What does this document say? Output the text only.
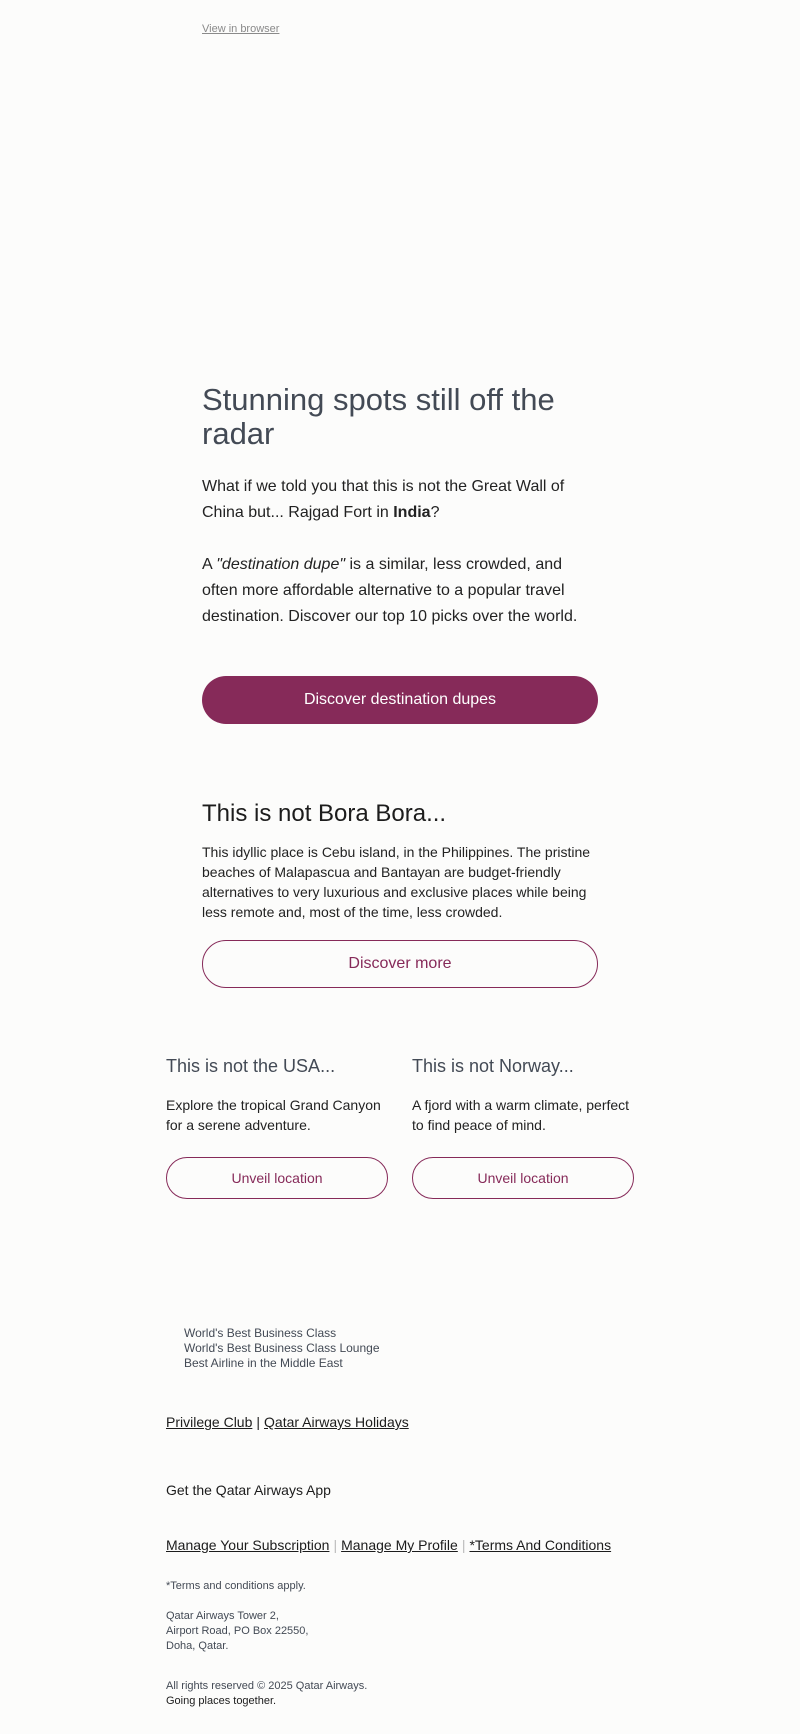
View in browser
Stunning spots still off the radar

What if we told you that this is not the Great Wall of China but... Rajgad Fort in India?

A "destination dupe" is a similar, less crowded, and often more affordable alternative to a popular travel destination. Discover our top 10 picks over the world.

Discover destination dupes
This is not Bora Bora...

This idyllic place is Cebu island, in the Philippines. The pristine beaches of Malapascua and Bantayan are budget-friendly alternatives to very luxurious and exclusive places while being less remote and, most of the time, less crowded.

Discover more
This is not the USA...

Explore the tropical Grand Canyon for a serene adventure.

Unveil location
This is not Norway...

A fjord with a warm climate, perfect to find peace of mind.

Unveil location
World's Best Business Class
World's Best Business Class Lounge
Best Airline in the Middle East
Privilege Club | Qatar Airways Holidays
Get the Qatar Airways App
Manage Your Subscription | Manage My Profile | *Terms And Conditions
*Terms and conditions apply.
Qatar Airways Tower 2,
Airport Road, PO Box 22550,
Doha, Qatar.
All rights reserved © 2025 Qatar Airways.
Going places together.
